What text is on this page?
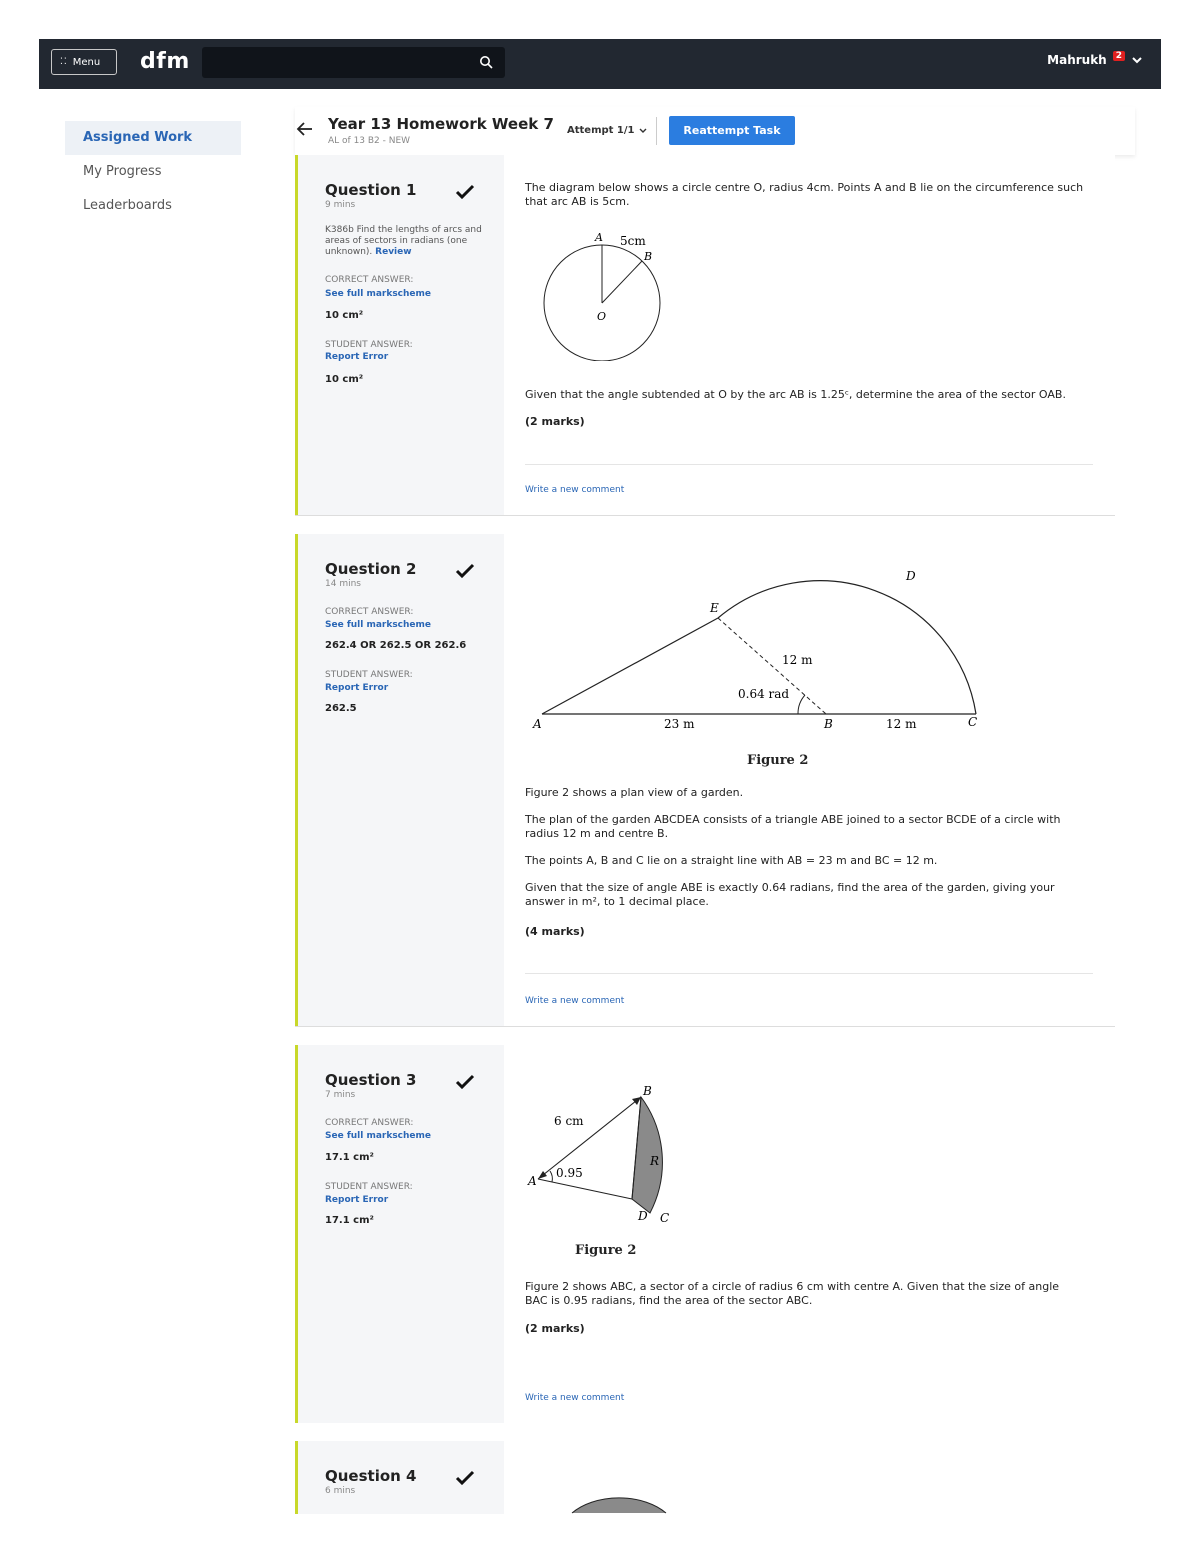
⁚⁚ Menu dfm	Mahrukh	2
Assigned Work
My Progress
Leaderboards
Year 13 Homework Week 7
AL of 13 B2 - NEW
Attempt 1/1	Reattempt Task
Question 1
9 mins
K386b Find the lengths of arcs and areas of sectors in radians (one unknown). Review
CORRECT ANSWER:
See full markscheme
10 cm²
STUDENT ANSWER:
Report Error
10 cm²
The diagram below shows a circle centre O, radius 4cm. Points A and B lie on the circumference such that arc AB is 5cm.
A
B
O
5cm
Given that the angle subtended at O by the arc AB is 1.25ᶜ, determine the area of the sector OAB.
(2 marks)
Write a new comment
Question 2
14 mins
CORRECT ANSWER:
See full markscheme
262.4 OR 262.5 OR 262.6
STUDENT ANSWER:
Report Error
262.5
A	B	C
D
E
23 m	12 m
12 m
0.64 rad
Figure 2
Figure 2 shows a plan view of a garden.
The plan of the garden ABCDEA consists of a triangle ABE joined to a sector BCDE of a circle with radius 12 m and centre B.
The points A, B and C lie on a straight line with AB = 23 m and BC = 12 m.
Given that the size of angle ABE is exactly 0.64 radians, find the area of the garden, giving your answer in m², to 1 decimal place.
(4 marks)
Write a new comment
Question 3
7 mins
CORRECT ANSWER:
See full markscheme
17.1 cm²
STUDENT ANSWER:
Report Error
17.1 cm²
A
B
C
D
R
6 cm
0.95
Figure 2
Figure 2 shows ABC, a sector of a circle of radius 6 cm with centre A. Given that the size of angle BAC is 0.95 radians, find the area of the sector ABC.
(2 marks)
Write a new comment
Question 4
6 mins
